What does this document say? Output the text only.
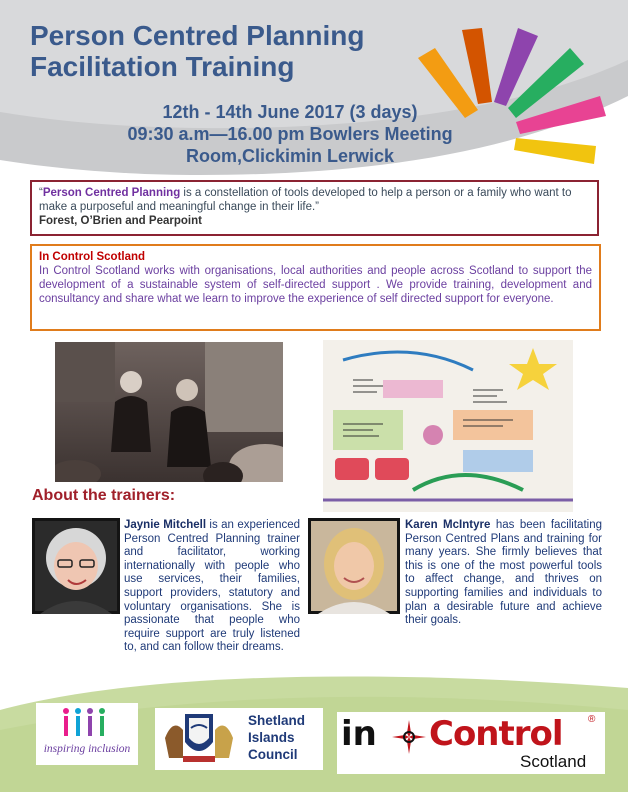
Person Centred Planning
Facilitation Training
12th - 14th June 2017 (3 days)
09:30 a.m—16.00 pm Bowlers Meeting
Room,Clickimin Lerwick
“Person Centred Planning is a constellation of tools developed to help a person or a family who want to make a purposeful and meaningful change in their life.”
Forest, O’Brien and Pearpoint
In Control Scotland
In Control Scotland works with organisations, local authorities and people across Scotland to support the development of a sustainable system of self-directed support . We provide training, development and consultancy and share what we learn to improve the experience of self directed support for everyone.
About the trainers:
Jaynie Mitchell is an experienced Person Centred Planning trainer and facilitator, working internationally with people who use services, their families, support providers, statutory and voluntary organisations. She is passionate that people who require support are truly listened to, and can follow their dreams.
Karen McIntyre has been facilitating Person Centred Plans and training for many years. She firmly believes that this is one of the most powerful tools to affect change, and thrives on supporting families and individuals to plan a desirable future and achieve their goals.
inspiring inclusion
Shetland
Islands
Council
in Control	®
Scotland
